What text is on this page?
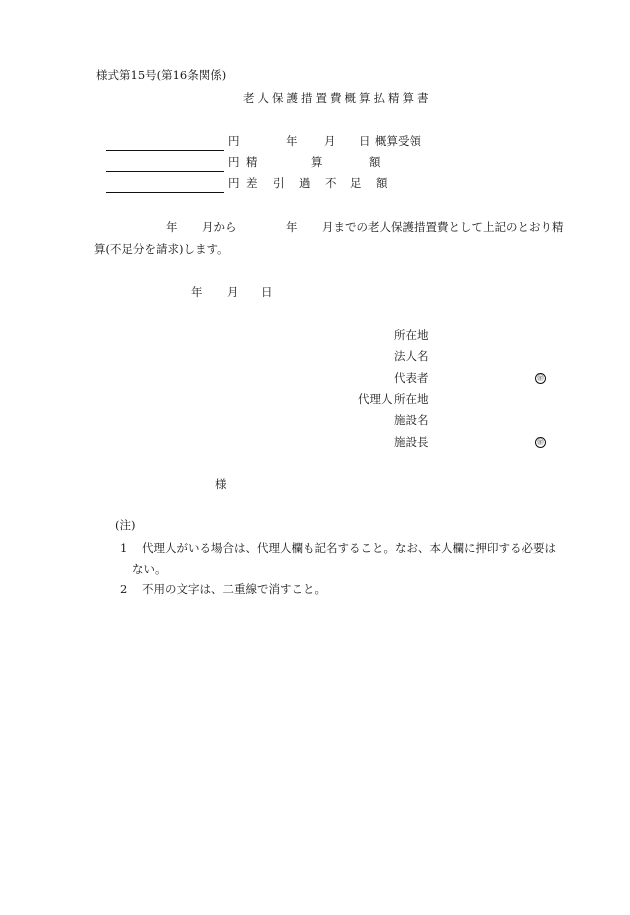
様式第15号(第16条関係)
老人保護措置費概算払精算書
円	年 月 日 概算受領
円 精	算	額
円 差 引 過 不 足 額
年 月から	年 月までの老人保護措置費として上記のとおり精
算(不足分を請求)します。
年 月 日
所在地
法人名
代表者	㊞
代理人 所在地
施設名
施設長	㊞
様
(注)
1 代理人がいる場合は、代理人欄も記名すること。なお、本人欄に押印する必要は
ない。
2 不用の文字は、二重線で消すこと。
